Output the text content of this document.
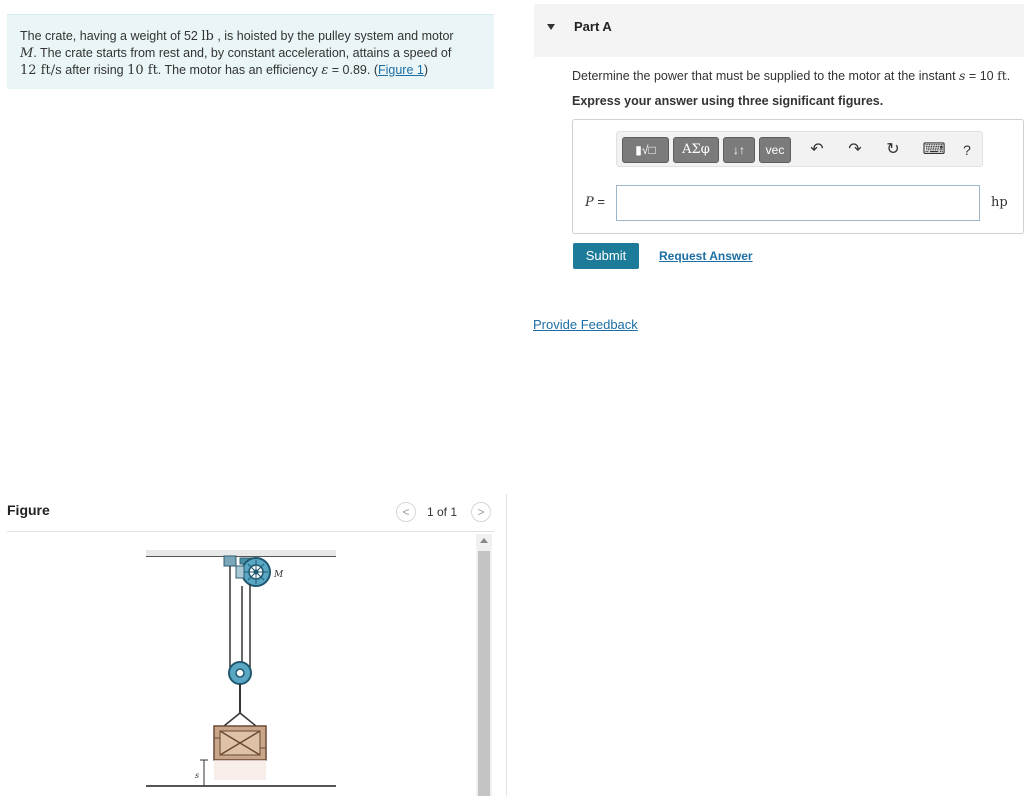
The crate, having a weight of 52 lb , is hoisted by the pulley system and motor
M. The crate starts from rest and, by constant acceleration, attains a speed of
12 ft/s after rising 10 ft. The motor has an efficiency ε = 0.89. (Figure 1)
Figure	<	1 of 1	>
M
s
Part A
Determine the power that must be supplied to the motor at the instant s = 10 ft.
Express your answer using three significant figures.
▮√□	ΑΣφ	↓↑	vec	↶ ↷ ↻ ⌨	?
P =	hp
Submit	Request Answer
Provide Feedback
